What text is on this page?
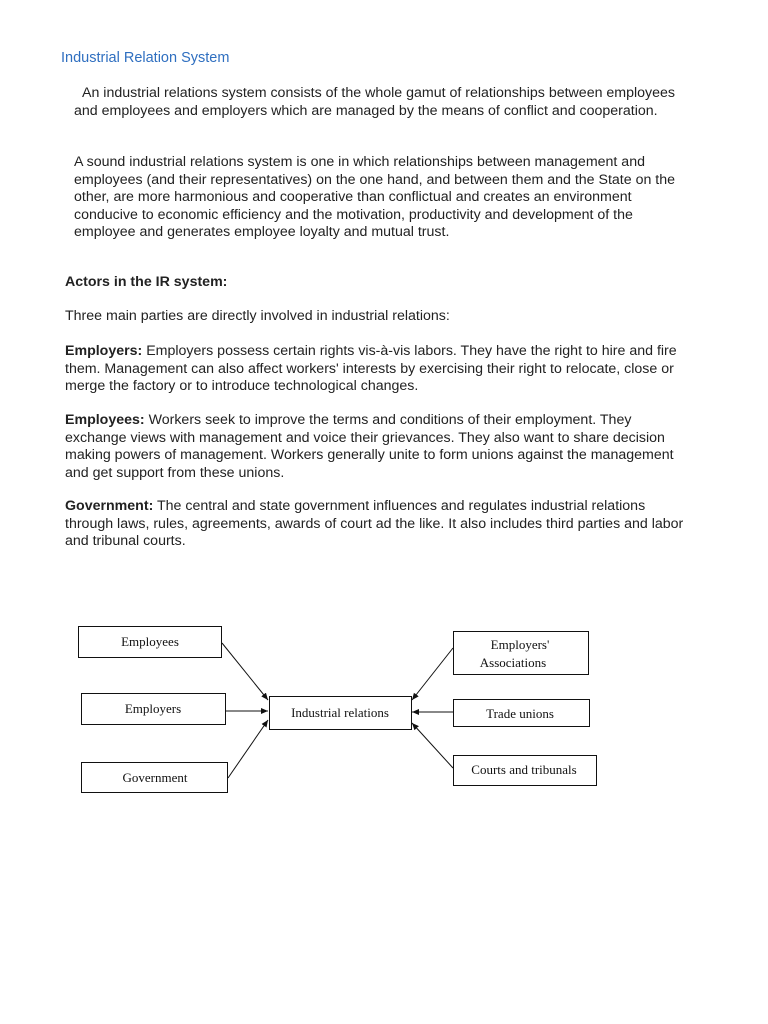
Industrial Relation System

An industrial relations system consists of the whole gamut of relationships between employees and employees and employers which are managed by the means of conflict and cooperation.

A sound industrial relations system is one in which relationships between management and employees (and their representatives) on the one hand, and between them and the State on the other, are more harmonious and cooperative than conflictual and creates an environment conducive to economic efficiency and the motivation, productivity and development of the employee and generates employee loyalty and mutual trust.

Actors in the IR system:

Three main parties are directly involved in industrial relations:

Employers: Employers possess certain rights vis-à-vis labors. They have the right to hire and fire them. Management can also affect workers' interests by exercising their right to relocate, close or merge the factory or to introduce technological changes.

Employees: Workers seek to improve the terms and conditions of their employment. They exchange views with management and voice their grievances. They also want to share decision making powers of management. Workers generally unite to form unions against the management and get support from these unions.

Government: The central and state government influences and regulates industrial relations through laws, rules, agreements, awards of court ad the like. It also includes third parties and labor and tribunal courts.

Employees
Employers
Government
Industrial relations
Employers'
Associations
Trade unions
Courts and tribunals
